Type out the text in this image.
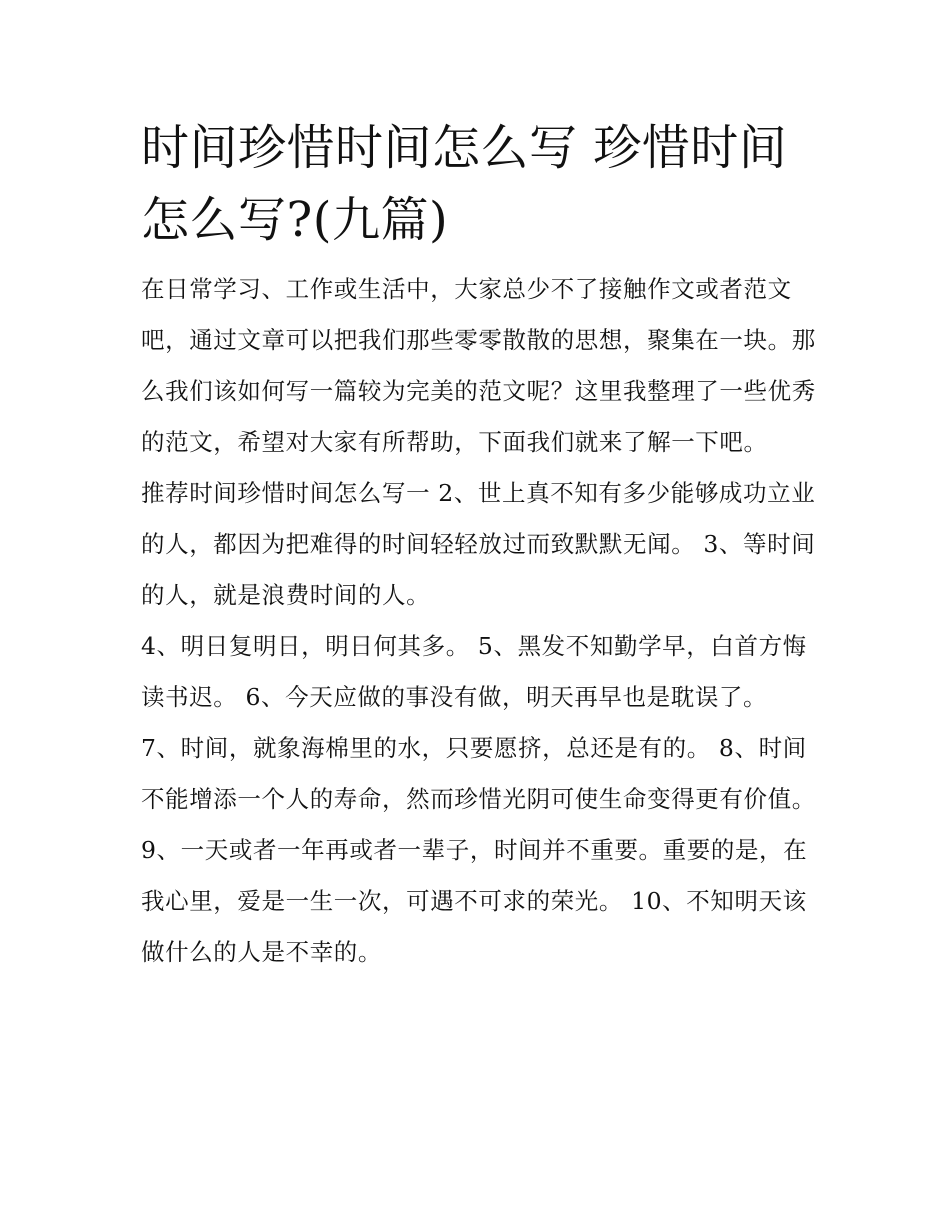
时间珍惜时间怎么写 珍惜时间怎么写?(九篇)

在日常学习、工作或生活中，大家总少不了接触作文或者范文吧，通过文章可以把我们那些零零散散的思想，聚集在一块。那么我们该如何写一篇较为完美的范文呢？这里我整理了一些优秀的范文，希望对大家有所帮助，下面我们就来了解一下吧。

推荐时间珍惜时间怎么写一 2、世上真不知有多少能够成功立业的人，都因为把难得的时间轻轻放过而致默默无闻。 3、等时间的人，就是浪费时间的人。

4、明日复明日，明日何其多。 5、黑发不知勤学早，白首方悔读书迟。 6、今天应做的事没有做，明天再早也是耽误了。

7、时间，就象海棉里的水，只要愿挤，总还是有的。 8、时间不能增添一个人的寿命，然而珍惜光阴可使生命变得更有价值。

9、一天或者一年再或者一辈子，时间并不重要。重要的是，在我心里，爱是一生一次，可遇不可求的荣光。 10、不知明天该做什么的人是不幸的。
